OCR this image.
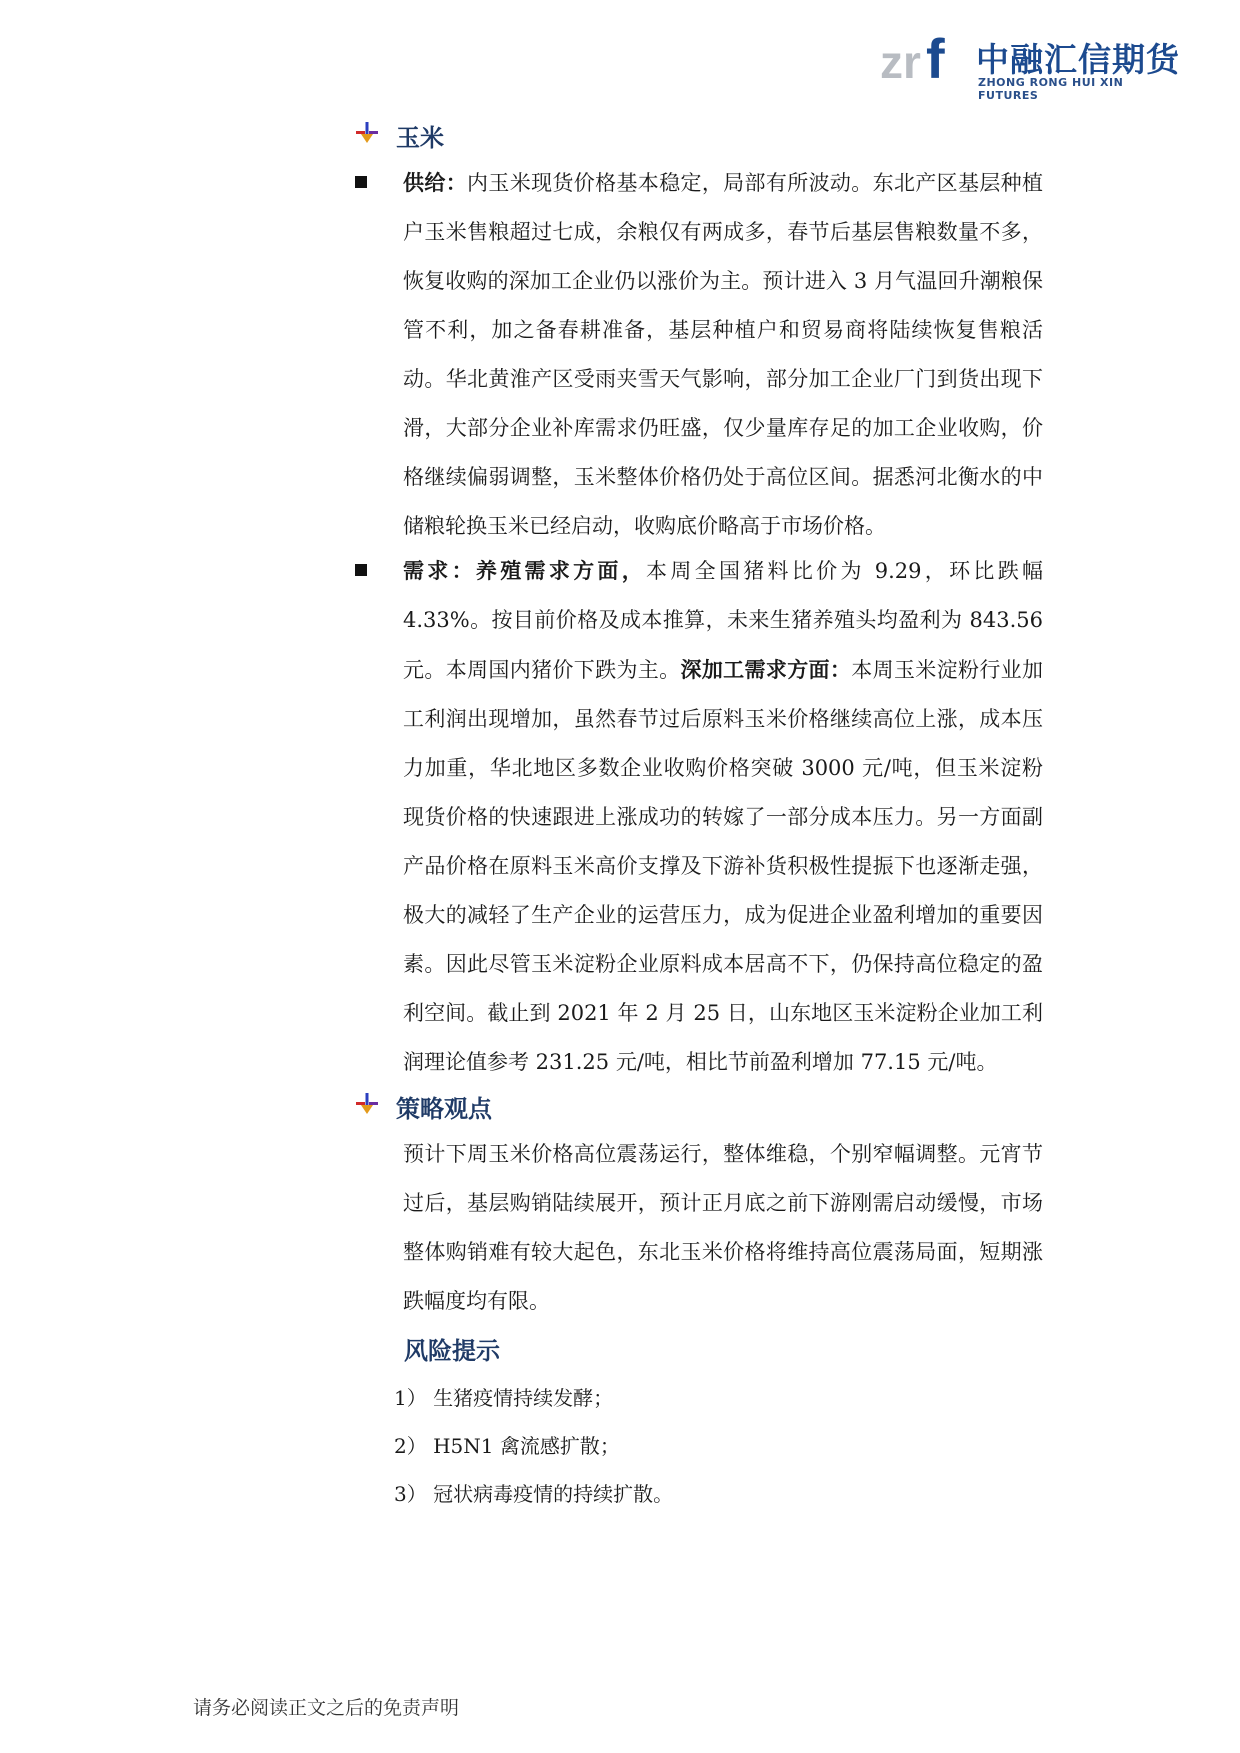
zr f 中融汇信期货
ZHONG RONG HUI XIN FUTURES
玉米

供给：内玉米现货价格基本稳定，局部有所波动。东北产区基层种植户玉米售粮超过七成，余粮仅有两成多，春节后基层售粮数量不多，恢复收购的深加工企业仍以涨价为主。预计进入 3 月气温回升潮粮保管不利，加之备春耕准备，基层种植户和贸易商将陆续恢复售粮活动。华北黄淮产区受雨夹雪天气影响，部分加工企业厂门到货出现下滑，大部分企业补库需求仍旺盛，仅少量库存足的加工企业收购，价格继续偏弱调整，玉米整体价格仍处于高位区间。据悉河北衡水的中储粮轮换玉米已经启动，收购底价略高于市场价格。

需求：养殖需求方面，本周全国猪料比价为 9.29，环比跌幅 4.33%。按目前价格及成本推算，未来生猪养殖头均盈利为 843.56 元。本周国内猪价下跌为主。深加工需求方面：本周玉米淀粉行业加工利润出现增加，虽然春节过后原料玉米价格继续高位上涨，成本压力加重，华北地区多数企业收购价格突破 3000 元/吨，但玉米淀粉现货价格的快速跟进上涨成功的转嫁了一部分成本压力。另一方面副产品价格在原料玉米高价支撑及下游补货积极性提振下也逐渐走强，极大的减轻了生产企业的运营压力，成为促进企业盈利增加的重要因素。因此尽管玉米淀粉企业原料成本居高不下，仍保持高位稳定的盈利空间。截止到 2021 年 2 月 25 日，山东地区玉米淀粉企业加工利润理论值参考 231.25 元/吨，相比节前盈利增加 77.15 元/吨。

策略观点

预计下周玉米价格高位震荡运行，整体维稳，个别窄幅调整。元宵节过后，基层购销陆续展开，预计正月底之前下游刚需启动缓慢，市场整体购销难有较大起色，东北玉米价格将维持高位震荡局面，短期涨跌幅度均有限。

风险提示
1） 生猪疫情持续发酵；
2） H5N1 禽流感扩散；
3） 冠状病毒疫情的持续扩散。
请务必阅读正文之后的免责声明
